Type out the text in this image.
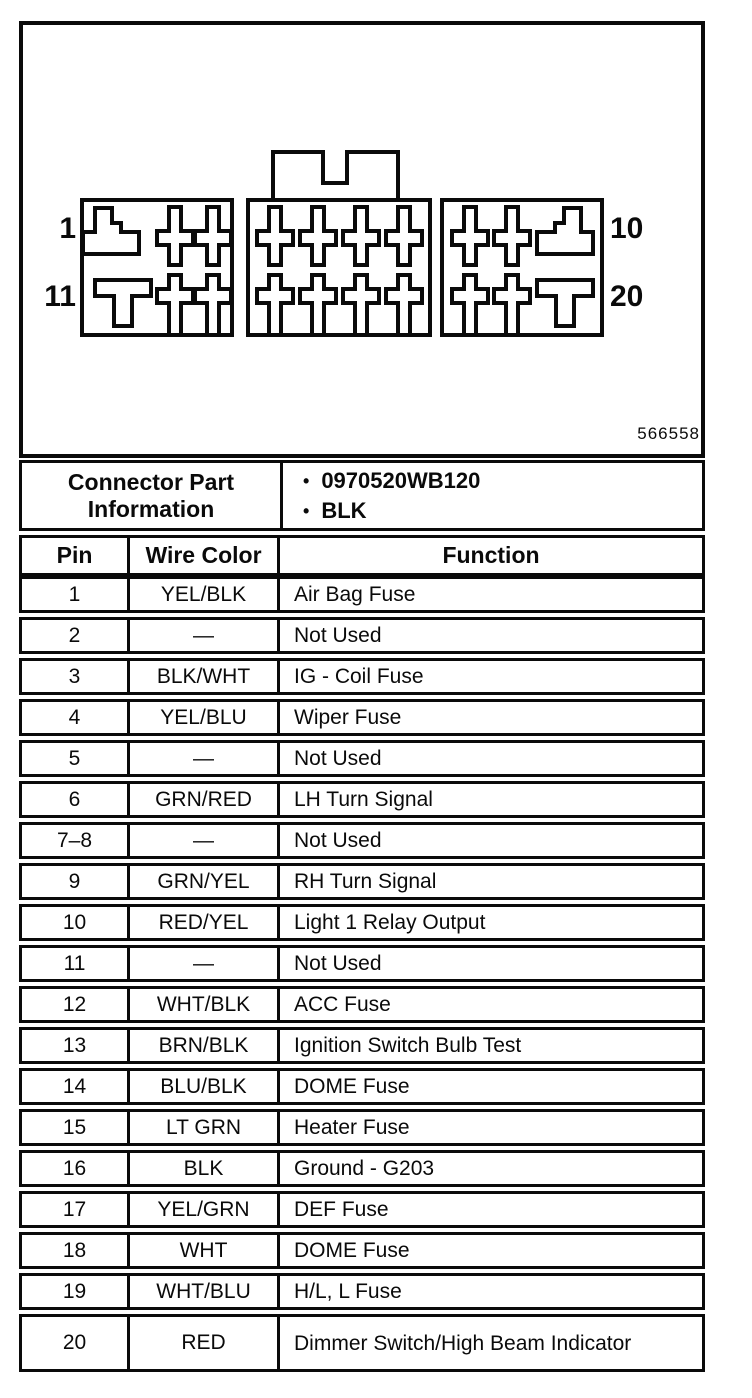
1
11
10
20
566558
Connector Part Information
• 0970520WB120
• BLK
Pin	Wire Color	Function
1	YEL/BLK	Air Bag Fuse
2	—	Not Used
3	BLK/WHT	IG - Coil Fuse
4	YEL/BLU	Wiper Fuse
5	—	Not Used
6	GRN/RED	LH Turn Signal
7–8	—	Not Used
9	GRN/YEL	RH Turn Signal
10	RED/YEL	Light 1 Relay Output
11	—	Not Used
12	WHT/BLK	ACC Fuse
13	BRN/BLK	Ignition Switch Bulb Test
14	BLU/BLK	DOME Fuse
15	LT GRN	Heater Fuse
16	BLK	Ground - G203
17	YEL/GRN	DEF Fuse
18	WHT	DOME Fuse
19	WHT/BLU	H/L, L Fuse
20	RED	Dimmer Switch/High Beam Indicator
